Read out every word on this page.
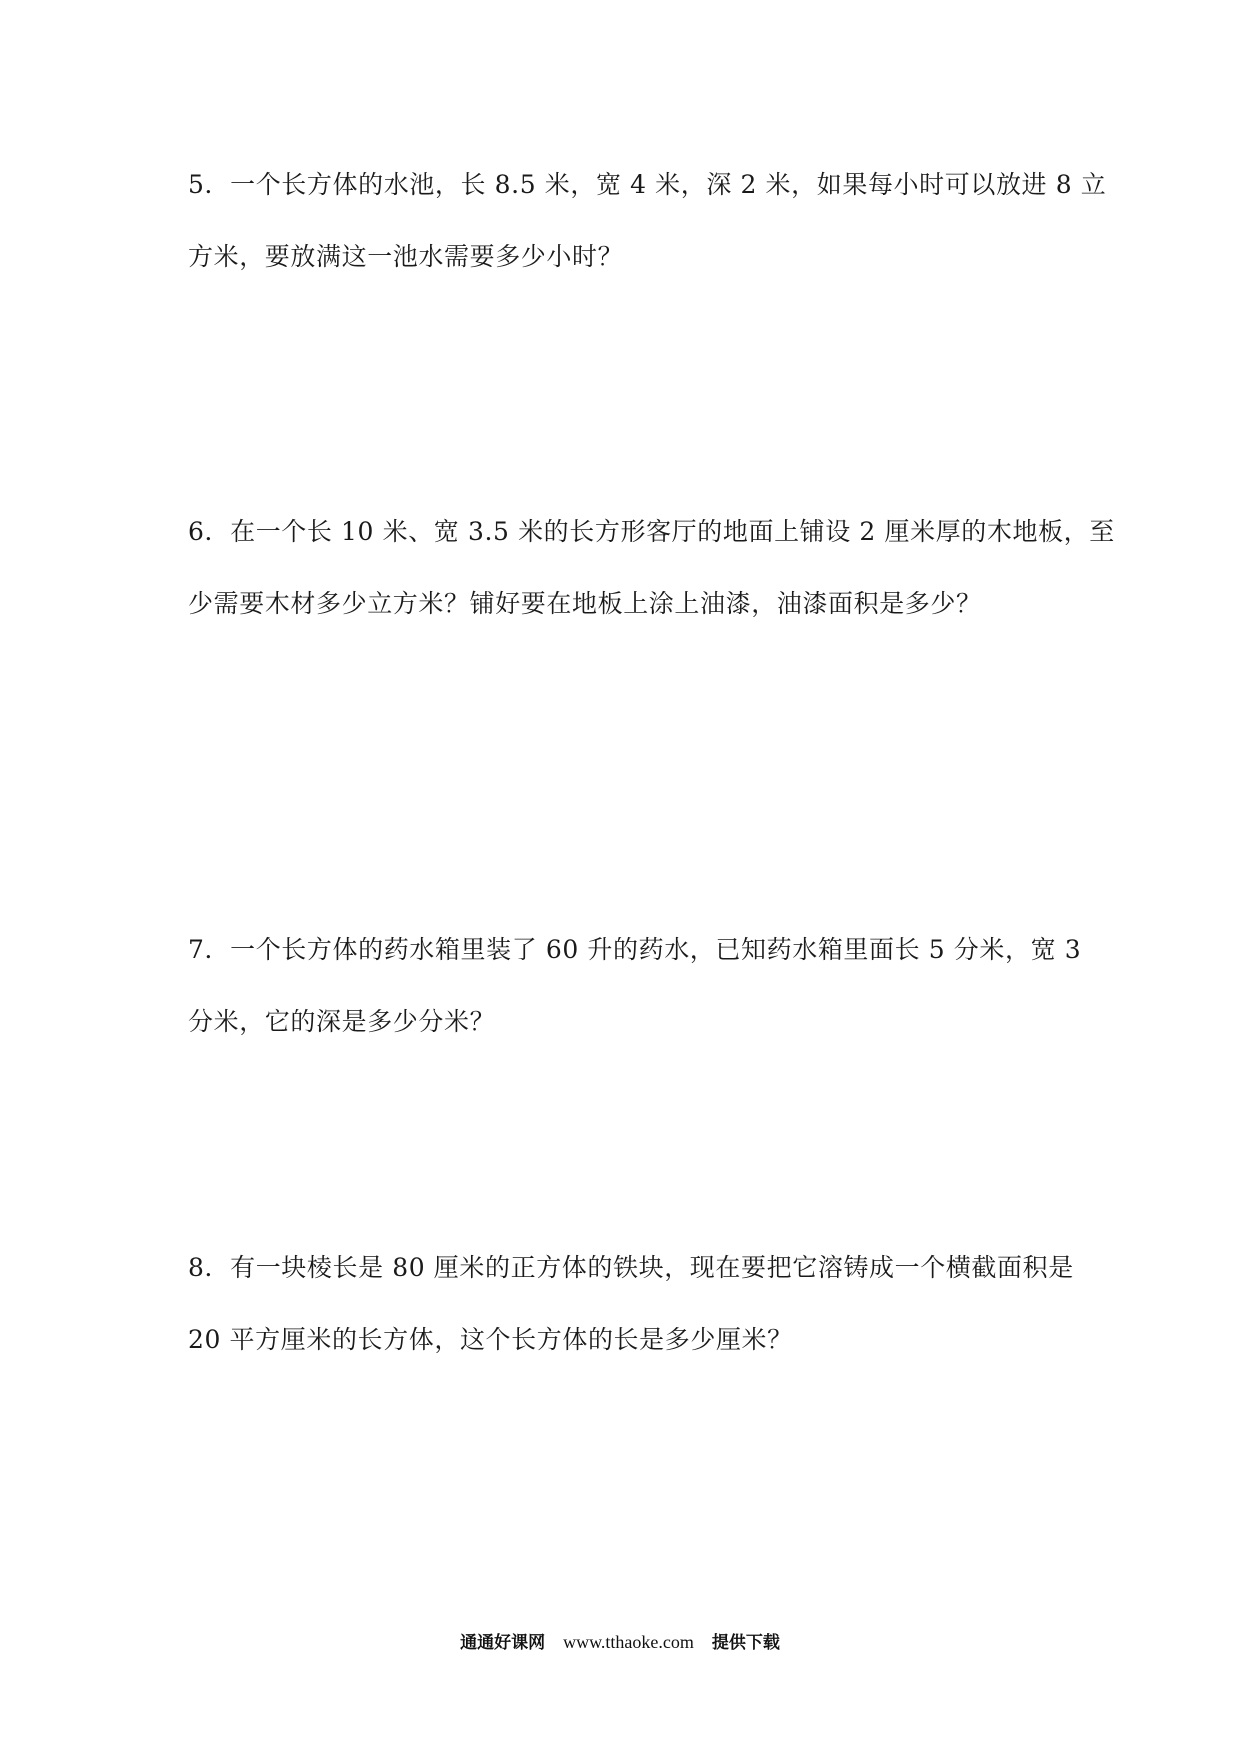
5．一个长方体的水池，长 8.5 米，宽 4 米，深 2 米，如果每小时可以放进 8 立
方米，要放满这一池水需要多少小时？
6．在一个长 10 米、宽 3.5 米的长方形客厅的地面上铺设 2 厘米厚的木地板，至
少需要木材多少立方米？铺好要在地板上涂上油漆，油漆面积是多少？
7．一个长方体的药水箱里装了 60 升的药水，已知药水箱里面长 5 分米，宽 3
分米，它的深是多少分米？
8．有一块棱长是 80 厘米的正方体的铁块，现在要把它溶铸成一个横截面积是
20 平方厘米的长方体，这个长方体的长是多少厘米？
通通好课网 www.tthaoke.com 提供下载
